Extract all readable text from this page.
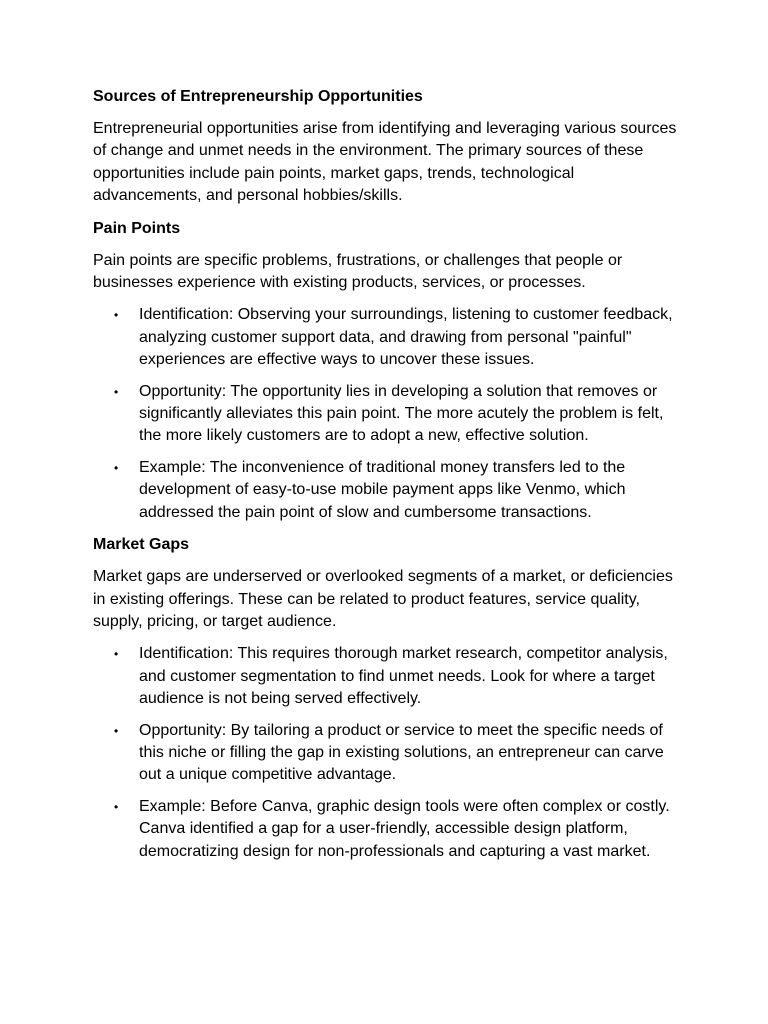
Sources of Entrepreneurship Opportunities
Entrepreneurial opportunities arise from identifying and leveraging various sources of change and unmet needs in the environment. The primary sources of these opportunities include pain points, market gaps, trends, technological advancements, and personal hobbies/skills.
Pain Points
Pain points are specific problems, frustrations, or challenges that people or businesses experience with existing products, services, or processes.
• Identification: Observing your surroundings, listening to customer feedback, analyzing customer support data, and drawing from personal "painful" experiences are effective ways to uncover these issues.
• Opportunity: The opportunity lies in developing a solution that removes or significantly alleviates this pain point. The more acutely the problem is felt, the more likely customers are to adopt a new, effective solution.
• Example: The inconvenience of traditional money transfers led to the development of easy-to-use mobile payment apps like Venmo, which addressed the pain point of slow and cumbersome transactions.
Market Gaps
Market gaps are underserved or overlooked segments of a market, or deficiencies in existing offerings. These can be related to product features, service quality, supply, pricing, or target audience.
• Identification: This requires thorough market research, competitor analysis, and customer segmentation to find unmet needs. Look for where a target audience is not being served effectively.
• Opportunity: By tailoring a product or service to meet the specific needs of this niche or filling the gap in existing solutions, an entrepreneur can carve out a unique competitive advantage.
• Example: Before Canva, graphic design tools were often complex or costly. Canva identified a gap for a user-friendly, accessible design platform, democratizing design for non-professionals and capturing a vast market.
